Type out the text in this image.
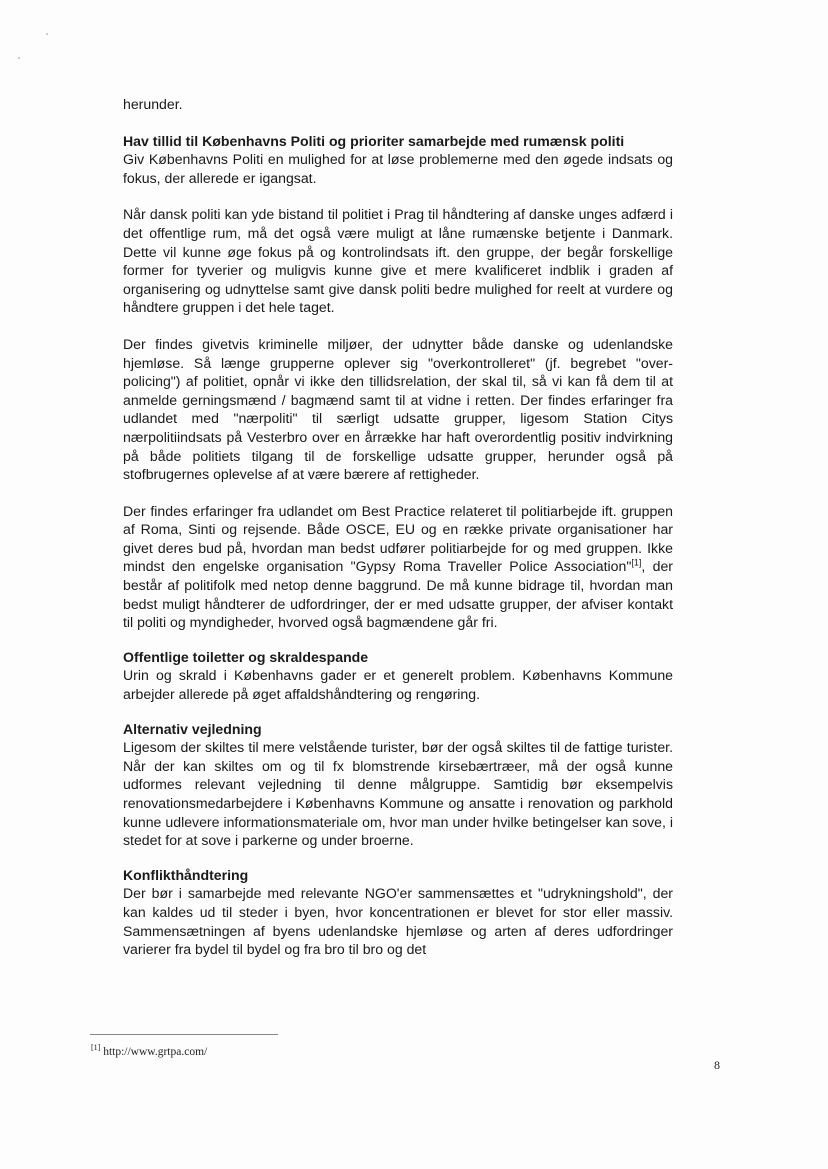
herunder.

Hav tillid til Københavns Politi og prioriter samarbejde med rumænsk politi

Giv Københavns Politi en mulighed for at løse problemerne med den øgede indsats og fokus, der allerede er igangsat.

Når dansk politi kan yde bistand til politiet i Prag til håndtering af danske unges adfærd i det offentlige rum, må det også være muligt at låne rumænske betjente i Danmark. Dette vil kunne øge fokus på og kontrolindsats ift. den gruppe, der begår forskellige former for tyverier og muligvis kunne give et mere kvalificeret indblik i graden af organisering og udnyttelse samt give dansk politi bedre mulighed for reelt at vurdere og håndtere gruppen i det hele taget.

Der findes givetvis kriminelle miljøer, der udnytter både danske og udenlandske hjemløse. Så længe grupperne oplever sig "overkontrolleret" (jf. begrebet "over-policing") af politiet, opnår vi ikke den tillidsrelation, der skal til, så vi kan få dem til at anmelde gerningsmænd / bagmænd samt til at vidne i retten. Der findes erfaringer fra udlandet med "nærpoliti" til særligt udsatte grupper, ligesom Station Citys nærpolitiindsats på Vesterbro over en årrække har haft overordentlig positiv indvirkning på både politiets tilgang til de forskellige udsatte grupper, herunder også på stofbrugernes oplevelse af at være bærere af rettigheder.

Der findes erfaringer fra udlandet om Best Practice relateret til politiarbejde ift. gruppen af Roma, Sinti og rejsende. Både OSCE, EU og en række private organisationer har givet deres bud på, hvordan man bedst udfører politiarbejde for og med gruppen. Ikke mindst den engelske organisation "Gypsy Roma Traveller Police Association"[1], der består af politifolk med netop denne baggrund. De må kunne bidrage til, hvordan man bedst muligt håndterer de udfordringer, der er med udsatte grupper, der afviser kontakt til politi og myndigheder, hvorved også bagmændene går fri.

Offentlige toiletter og skraldespande

Urin og skrald i Københavns gader er et generelt problem. Københavns Kommune arbejder allerede på øget affaldshåndtering og rengøring.

Alternativ vejledning

Ligesom der skiltes til mere velstående turister, bør der også skiltes til de fattige turister. Når der kan skiltes om og til fx blomstrende kirsebærtræer, må der også kunne udformes relevant vejledning til denne målgruppe. Samtidig bør eksempelvis renovationsmedarbejdere i Københavns Kommune og ansatte i renovation og parkhold kunne udlevere informationsmateriale om, hvor man under hvilke betingelser kan sove, i stedet for at sove i parkerne og under broerne.

Konflikthåndtering

Der bør i samarbejde med relevante NGO'er sammensættes et "udrykningshold", der kan kaldes ud til steder i byen, hvor koncentrationen er blevet for stor eller massiv. Sammensætningen af byens udenlandske hjemløse og arten af deres udfordringer varierer fra bydel til bydel og fra bro til bro og det

[1] http://www.grtpa.com/
8
